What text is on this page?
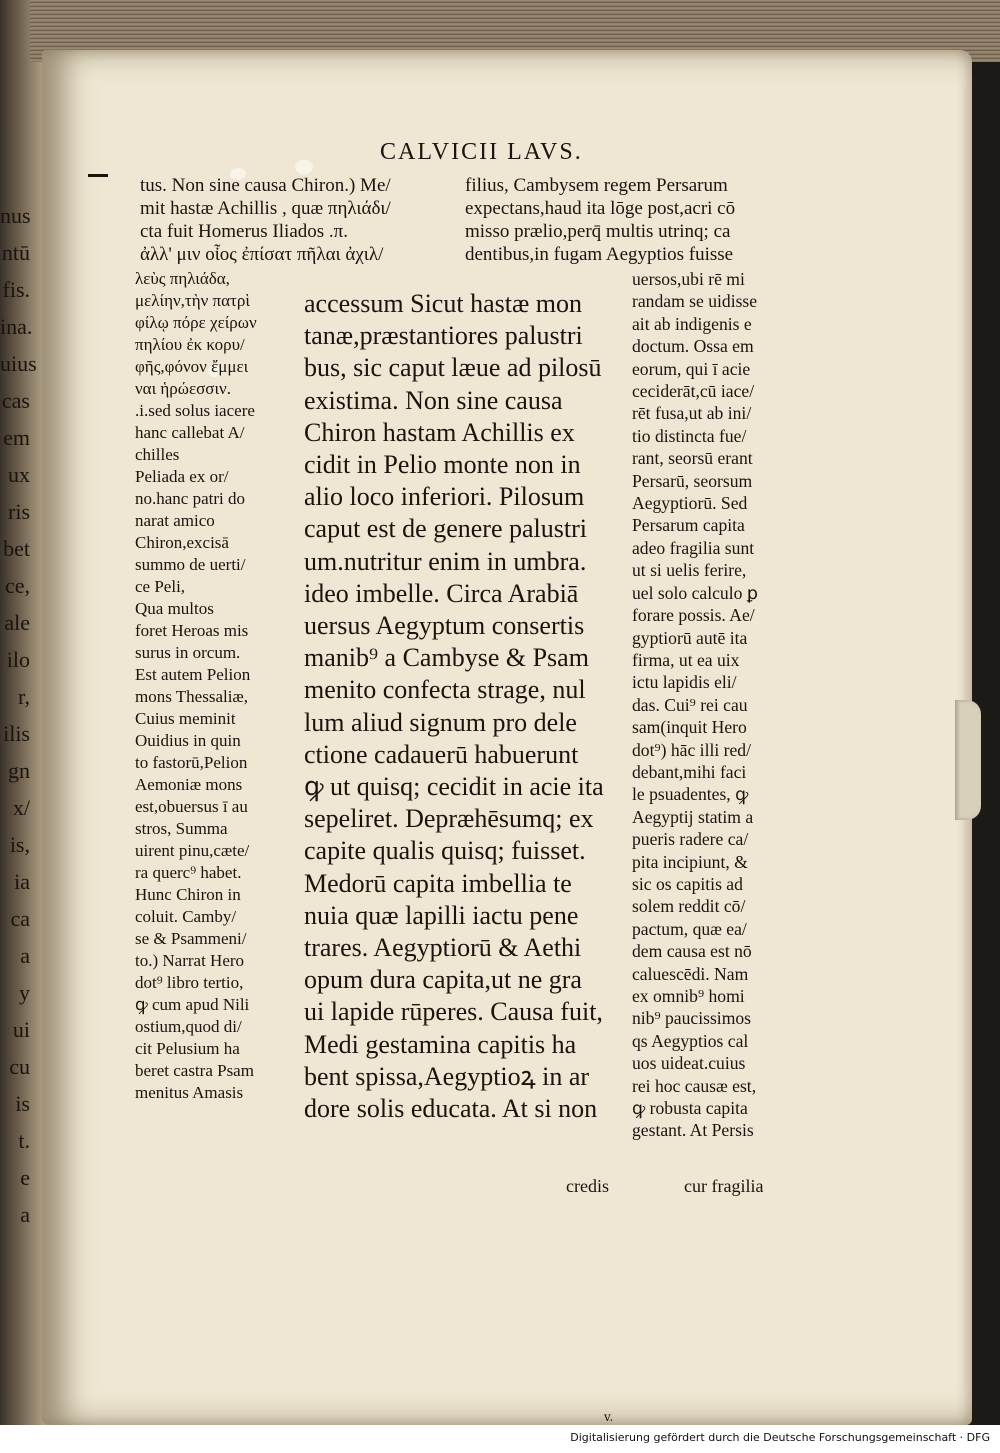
nus
ntū
fis.
ina.
uius
cas
em
ux
ris
bet
ce,
ale
ilo
r,
ilis
gn
x/
is,
ia
ca
a
y
ui
cu
is
t.
e
a
CALVICII LAVS.
tus. Non sine causa Chiron.) Me/
mit hastæ Achillis , quæ πηλιάδι/
cta fuit Homerus Iliados .π.
ἀλλ' μιν οἶος ἐπίσατ πῆλαι ἀχιλ/
λεὺς πηλιάδα,
μελίην,τὴν πατρὶ
φίλῳ πόρε χείρων
πηλίου ἐκ κορυ/
φῆς,φόνον ἔμμει
ναι ἡρώεσσιν.
.i.sed solus iacere
hanc callebat A/
chilles
Peliada ex or/
no.hanc patri do
narat amico
Chiron,excisā
summo de uerti/
ce Peli,
Qua multos
foret Heroas mis
surus in orcum.
Est autem Pelion
mons Thessaliæ,
Cuius meminit
Ouidius in quin
to fastorū,Pelion
Aemoniæ mons
est,obuersus ī au
stros, Summa
uirent pinu,cæte/
ra querc⁹ habet.
Hunc Chiron in
coluit. Camby/
se & Psammeni/
to.) Narrat Hero
dot⁹ libro tertio,
ꝙ cum apud Nili
ostium,quod di/
cit Pelusium ha
beret castra Psam
menitus Amasis
accessum Sicut hastæ mon
tanæ,præstantiores palustri
bus, sic caput læue ad pilosū
existima. Non sine causa
Chiron hastam Achillis ex
cidit in Pelio monte non in
alio loco inferiori. Pilosum
caput est de genere palustri
um.nutritur enim in umbra.
ideo imbelle. Circa Arabiā
uersus Aegyptum consertis
manib⁹ a Cambyse & Psam
menito confecta strage, nul
lum aliud signum pro dele
ctione cadauerū habuerunt
ꝙ ut quisq; cecidit in acie ita
sepeliret. Depræhēsumq; ex
capite qualis quisq; fuisset.
Medorū capita imbellia te
nuia quæ lapilli iactu pene
trares. Aegyptiorū & Aethi
opum dura capita,ut ne gra
ui lapide rūperes. Causa fuit,
Medi gestamina capitis ha
bent spissa,Aegyptioꝝ in ar
dore solis educata. At si non
filius, Cambysem regem Persarum
expectans,haud ita lōge post,acri cō
misso prælio,perq̄ multis utrinq; ca
dentibus,in fugam Aegyptios fuisse
uersos,ubi rē mi
randam se uidisse
ait ab indigenis e
doctum. Ossa em
eorum, qui ī acie
ceciderāt,cū iace/
rēt fusa,ut ab ini/
tio distincta fue/
rant, seorsū erant
Persarū, seorsum
Aegyptiorū. Sed
Persarum capita
adeo fragilia sunt
ut si uelis ferire,
uel solo calculo ꝑ
forare possis. Ae/
gyptiorū autē ita
firma, ut ea uix
ictu lapidis eli/
das. Cui⁹ rei cau
sam(inquit Hero
dot⁹) hāc illi red/
debant,mihi faci
le psuadentes, ꝙ
Aegyptij statim a
pueris radere ca/
pita incipiunt, &
sic os capitis ad
solem reddit cō/
pactum, quæ ea/
dem causa est nō
caluescēdi. Nam
ex omnib⁹ homi
nib⁹ paucissimos
qs Aegyptios cal
uos uideat.cuius
rei hoc causæ est,
ꝙ robusta capita
gestant. At Persis
credis	cur fragilia
v.
Digitalisierung gefördert durch die Deutsche Forschungsgemeinschaft · DFG
